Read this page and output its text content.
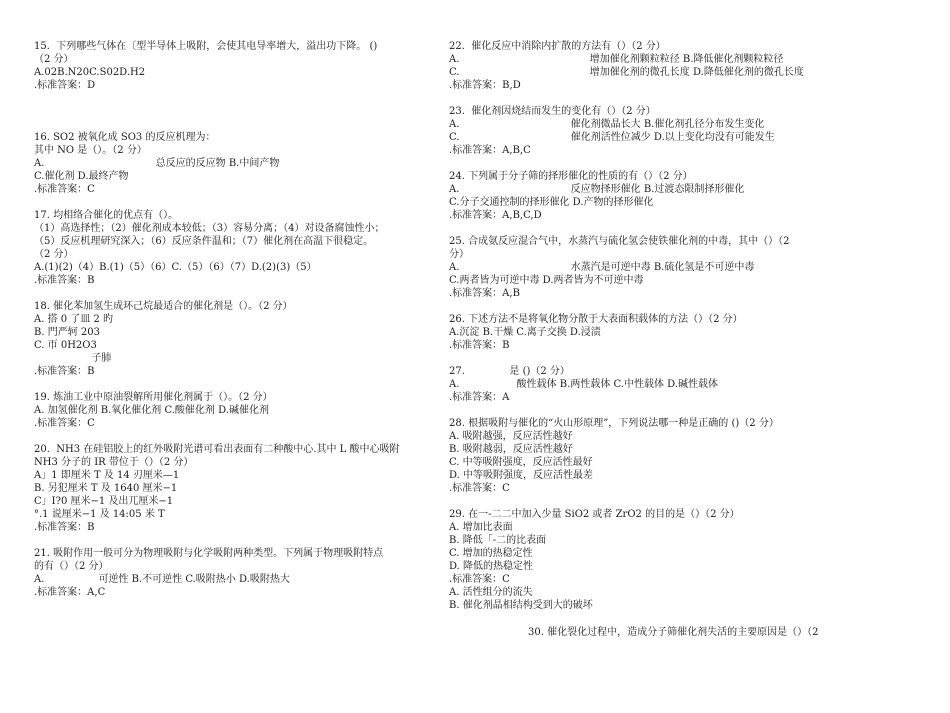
15.  下列哪些气体在〔型半导体上吸附，会使其电导率增大，溢出功下降。 ()

（2 分）

A.02B.N20C.S02D.H2

.标准答案：D

16. SO2 被氧化成 SO3 的反应机理为：

其中 NO 是（）。（2 分）

A.                                   总反应的反应物 B.中间产物

C.催化剂 D.最终产物

.标准答案：C

17. 均相络合催化的优点有（）。

（1）高选择性；（2）催化剂成本较低；（3）容易分离；（4）对设备腐蚀性小；

（5）反应机理研究深入；（6）反应条件温和；（7）催化剂在高温下很稳定。

（2 分）

A.(1)(2)（4）B.(1)（5）（6）C.（5）（6）（7）D.(2)(3)（5）

.标准答案：B

18. 催化苯加氢生成环己烷最适合的催化剂是（）。（2 分）

A. 搭 0 了皿 2 旳

B. 門严轲 203

C. 帀 0H2O3

子肺

.标准答案：B

19. 炼油工业中原油裂解所用催化剂属于（）。（2 分）

A. 加氢催化剂 B.氧化催化剂 C.酸催化剂 D.碱催化剂

.标准答案：C

20.  NH3 在硅铝胶上的红外吸附光谱可看出表面有二种酸中心.其中 L 酸中心吸附

NH3 分子的 IR 带位于（）（2 分）

A」1 即厘米 T 及 14 刃厘米—1

B. 另犯厘米 T 及 1640 厘米−1

C」I?0 厘米−1 及出兀厘米−1

°.1 说厘米−1 及 14:05 米 T

.标准答案：B

21. 吸附作用一般可分为物理吸附与化学吸附两种类型。下列属于物理吸附特点

的有（）（2 分）

A.                 可逆性 B.不可逆性 C.吸附热小 D.吸附热大

.标准答案：A,C

22.  催化反应中消除内扩散的方法有（）（2 分）

A.                                         增加催化剂颗粒粒径 B.降低催化剂颗粒粒径

C.                                         增加催化剂的微孔长度 D.降低催化剂的微孔长度

.标准答案：B,D

23.  催化剂因烧结而发生的变化有（）（2 分）

A.                                   催化剂微晶长大 B.催化剂孔径分布发生变化

C.                                   催化剂活性位减少 D.以上变化均没有可能发生

.标准答案：A,B,C

24. 下列属于分子筛的择形催化的性质的有（）（2 分）

A.                                   反应物择形催化 B.过渡态限制择形催化

C.分子交通控制的择形催化 D.产物的择形催化

.标准答案：A,B,C,D

25. 合成氨反应混合气中，水蒸汽与硫化氢会使铁催化剂的中毒，其中（）（2

分）

A.                                   水蒸汽是可逆中毒 B.硫化氢是不可逆中毒

C.两者皆为可逆中毒 D.两者皆为不可逆中毒

.标准答案：A,B

26. 下述方法不是将氧化物分散于大表面积载体的方法（）（2 分）

A.沉淀 B.干燥 C.离子交换 D.浸渍

.标准答案：B

27.              是 ()（2 分）

A.                  酸性载体 B.两性载体 C.中性载体 D.碱性载体

.标准答案：A

28. 根据吸附与催化的“火山形原理”，下列说法哪一种是正确的 ()（2 分）

A. 吸附越强，反应活性越好

B. 吸附越弱，反应活性越好

C. 中等吸附强度，反应活性最好

D. 中等吸附强度，反应活性最差

.标准答案：C

29. 在一-二二中加入少量 SiO2 或者 ZrO2 的目的是（）（2 分）

A. 增加比表面

B. 降低「-二的比表面

C. 增加的热稳定性

D. 降低的热稳定性

.标准答案：C

A. 活性组分的流失

B. 催化剂晶相结构受到大的破坏

30. 催化裂化过程中，造成分子筛催化剂失活的主要原因是（）（2
